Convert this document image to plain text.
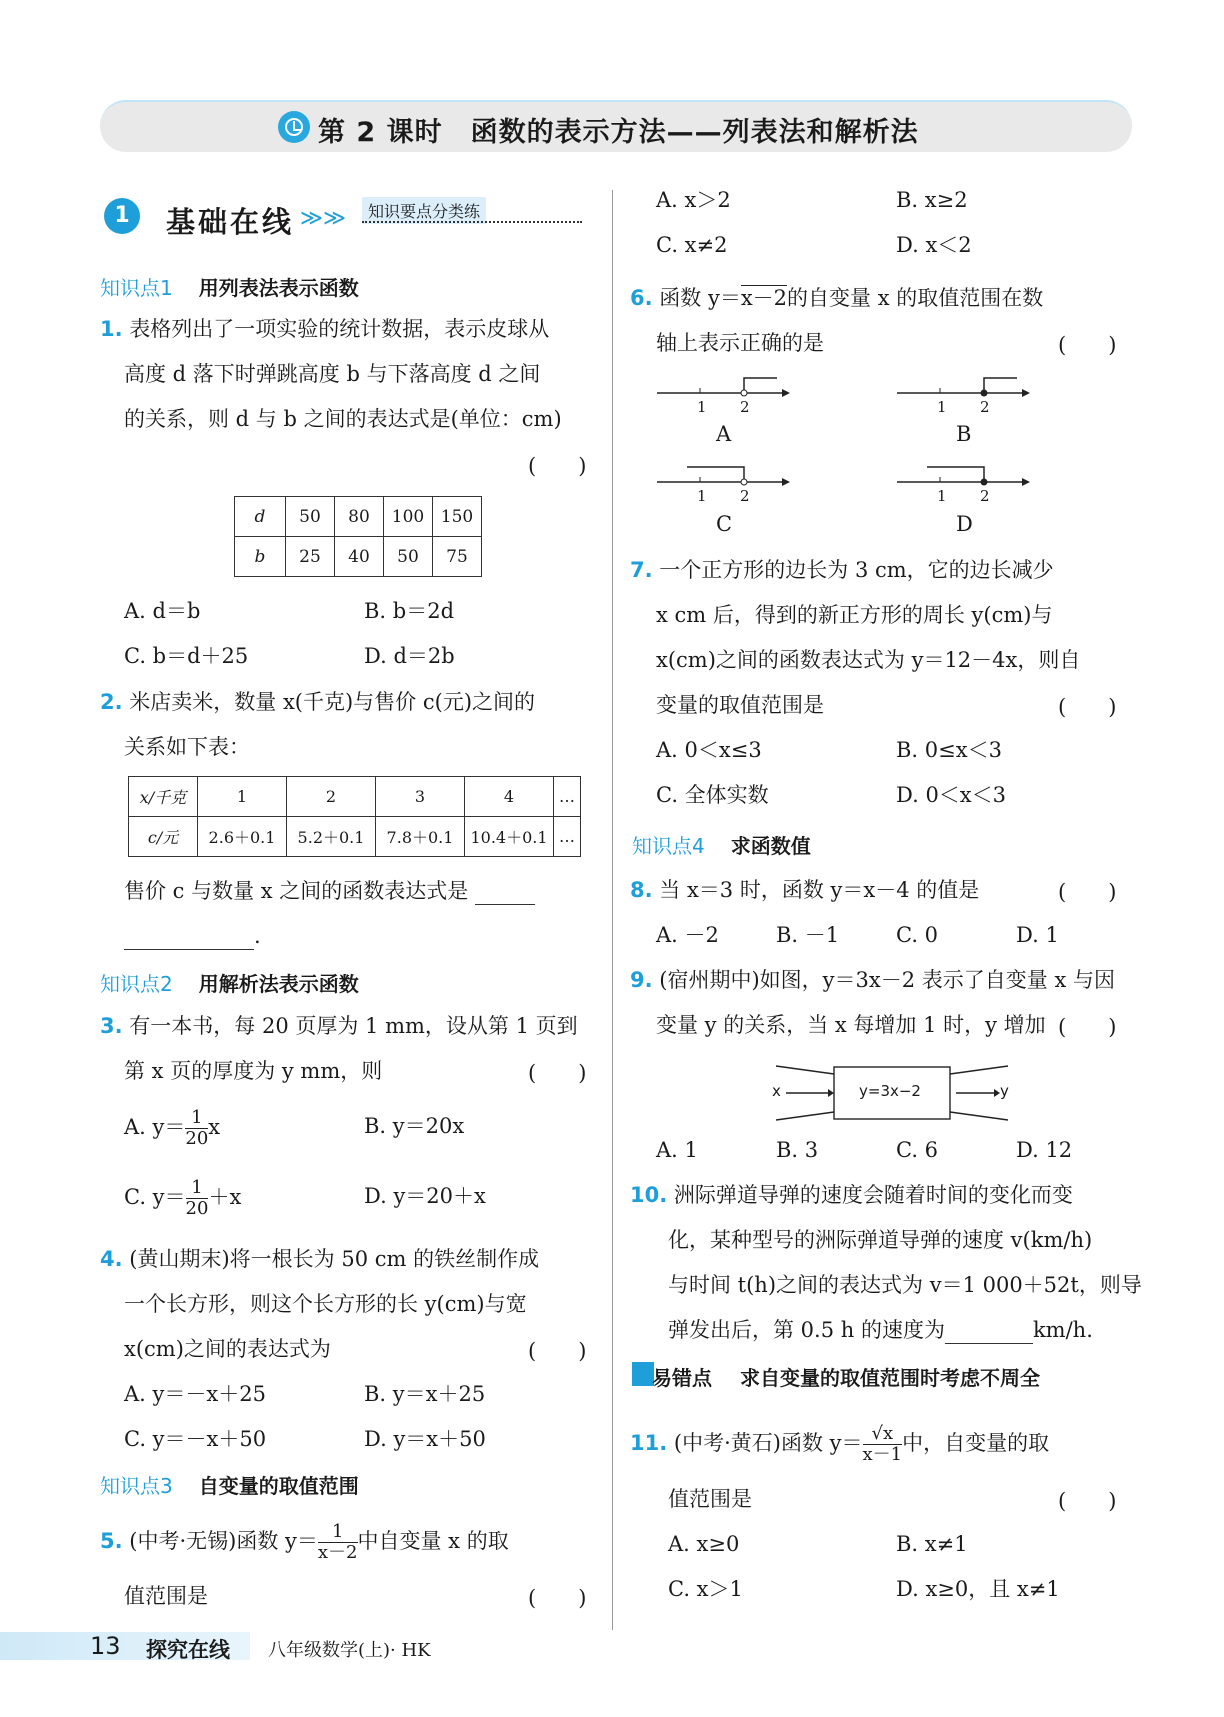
第 2 课时　函数的表示方法——列表法和解析法
1	基础在线 ≫≫	知识要点分类练
知识点1 用列表法表示函数
1. 表格列出了一项实验的统计数据，表示皮球从
高度 d 落下时弹跳高度 b 与下落高度 d 之间
的关系，则 d 与 b 之间的表达式是(单位：cm)
(　　)
d	50	80	100	150
b	25	40	50	75
A. d＝b	B. b＝2d
C. b＝d＋25	D. d＝2b
2. 米店卖米，数量 x(千克)与售价 c(元)之间的
关系如下表：
x/千克	1	2	3	4	…
c/元	2.6＋0.1	5.2＋0.1	7.8＋0.1	10.4＋0.1	…
售价 c 与数量 x 之间的函数表达式是
.
知识点2 用解析法表示函数
3. 有一本书，每 20 页厚为 1 mm，设从第 1 页到
第 x 页的厚度为 y mm，则	(　　)
A. $y= \frac{1}{20}$ x	B. y＝20x
C. $y= \frac{1}{20} +x$	D. y＝20＋x
4. (黄山期末)将一根长为 50 cm 的铁丝制作成
一个长方形，则这个长方形的长 y(cm)与宽
x(cm)之间的表达式为	(　　)
A. y＝－x＋25	B. y＝x＋25
C. y＝－x＋50	D. y＝x＋50
知识点3 自变量的取值范围
5. (中考·无锡)函数 $y= \frac{1}{x-2}$ 中自变量 x 的取
值范围是	(　　)
A. x＞2	B. x≥2
C. x≠2	D. x＜2
6. 函数 y＝x－2的自变量 x 的取值范围在数
轴上表示正确的是	(　　)
1 2	1 2
1 2	1 2
A	B
C	D
7. 一个正方形的边长为 3 cm，它的边长减少
x cm 后，得到的新正方形的周长 y(cm)与
x(cm)之间的函数表达式为 y＝12－4x，则自
变量的取值范围是	(　　)
A. 0＜x≤3	B. 0≤x＜3
C. 全体实数	D. 0＜x＜3
知识点4 求函数值
8. 当 x＝3 时，函数 y＝x－4 的值是	(　　)
A. －2	B. －1	C. 0	D. 1
9. (宿州期中)如图，y＝3x－2 表示了自变量 x 与因
变量 y 的关系，当 x 每增加 1 时，y 增加 (　　)
y=3x−2
x	y
A. 1	B. 3	C. 6	D. 12
10. 洲际弹道导弹的速度会随着时间的变化而变
化，某种型号的洲际弹道导弹的速度 v(km/h)
与时间 t(h)之间的表达式为 v＝1 000＋52t，则导
弹发出后，第 0.5 h 的速度为	km/h.
易错点 求自变量的取值范围时考虑不周全
11. (中考·黄石)函数 $y= \frac{√x}{x-1}$ 中，自变量的取
值范围是	(　　)
A. x≥0	B. x≠1
C. x＞1	D. x≥0，且 x≠1
13 探究在线 八年级数学(上)· HK
